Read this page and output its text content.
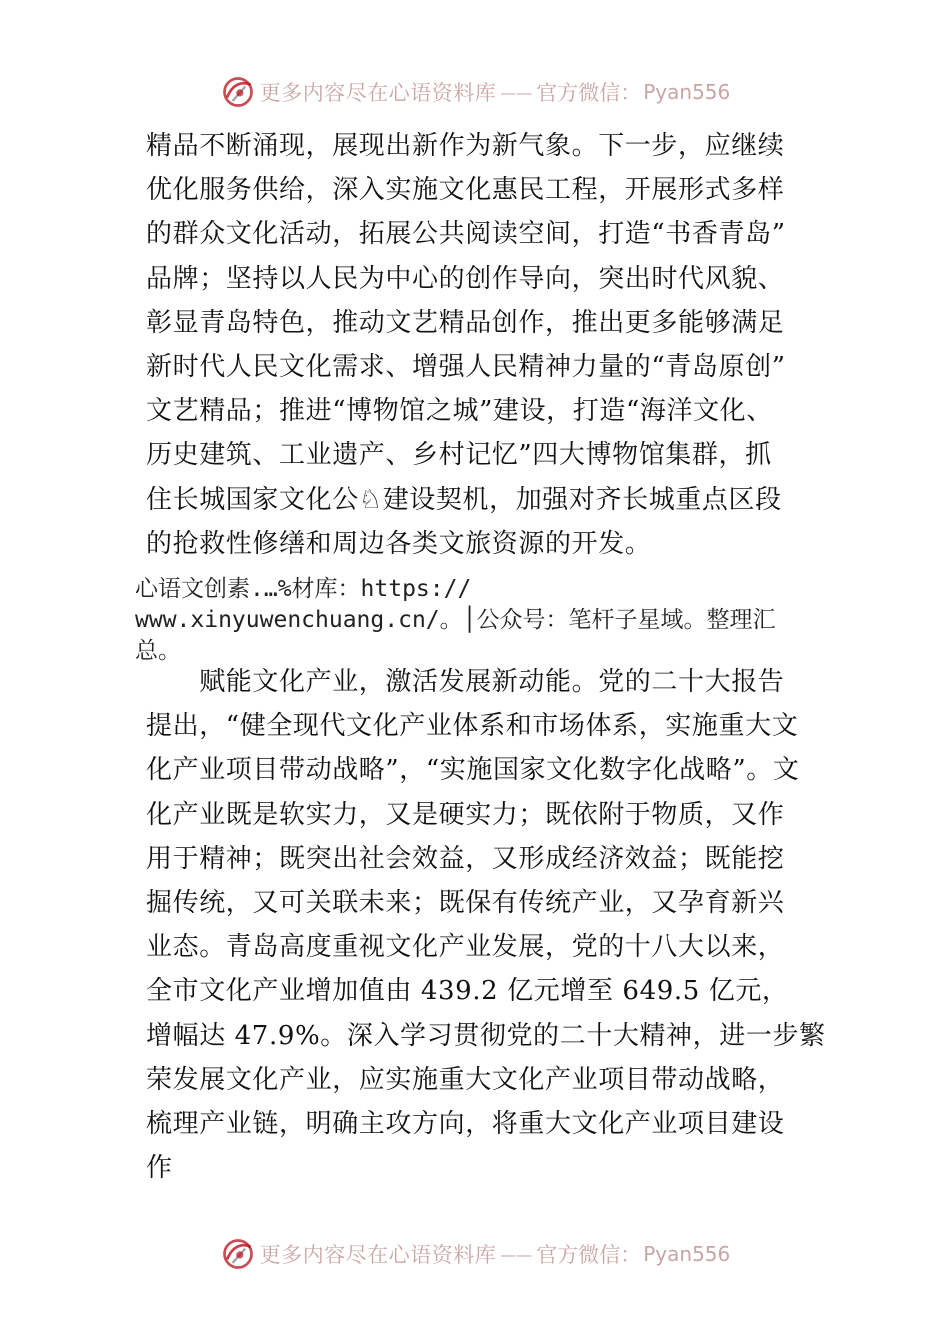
更多内容尽在心语资料库 —— 官方微信： Pyan556
精品不断涌现，展现出新作为新气象。下一步，应继续
优化服务供给，深入实施文化惠民工程，开展形式多样
的群众文化活动，拓展公共阅读空间，打造“书香青岛”
品牌；坚持以人民为中心的创作导向，突出时代风貌、
彰显青岛特色，推动文艺精品创作，推出更多能够满足
新时代人民文化需求、增强人民精神力量的“青岛原创”
文艺精品；推进“博物馆之城”建设，打造“海洋文化、
历史建筑、工业遗产、乡村记忆”四大博物馆集群，抓
住长城国家文化公♘建设契机，加强对齐长城重点区段
的抢救性修缮和周边各类文旅资源的开发。
心语文创素.…%材库：https://
www.xinyuwenchuang.cn/。│公众号：笔杆子星域。整理汇
总。
　　赋能文化产业，激活发展新动能。党的二十大报告
提出，“健全现代文化产业体系和市场体系，实施重大文
化产业项目带动战略”，“实施国家文化数字化战略”。文
化产业既是软实力，又是硬实力；既依附于物质，又作
用于精神；既突出社会效益，又形成经济效益；既能挖
掘传统，又可关联未来；既保有传统产业，又孕育新兴
业态。青岛高度重视文化产业发展，党的十八大以来，
全市文化产业增加值由 439.2 亿元增至 649.5 亿元，
增幅达 47.9%。深入学习贯彻党的二十大精神，进一步繁
荣发展文化产业，应实施重大文化产业项目带动战略，
梳理产业链，明确主攻方向，将重大文化产业项目建设
作
更多内容尽在心语资料库 —— 官方微信： Pyan556
